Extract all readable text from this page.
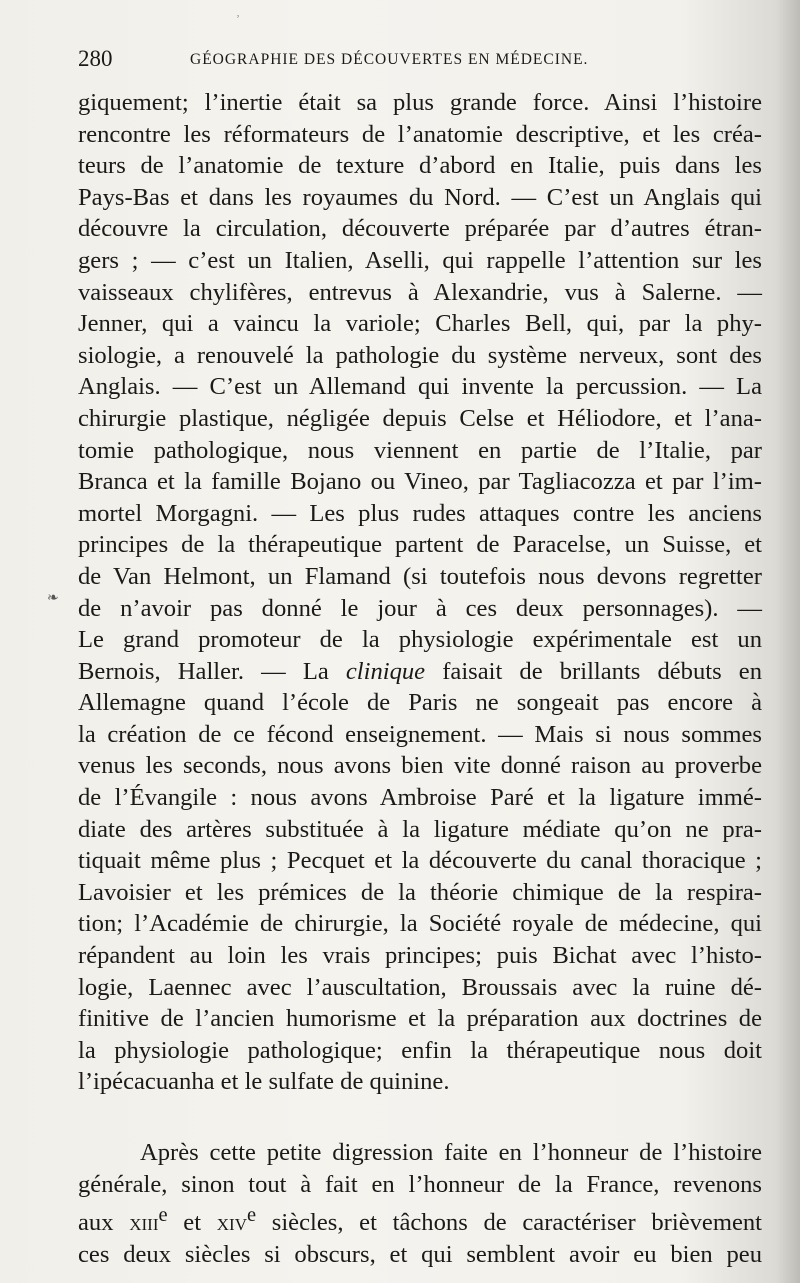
ʼ
280	GÉOGRAPHIE DES DÉCOUVERTES EN MÉDECINE.
❧

giquement; l’inertie était sa plus grande force. Ainsi l’histoire
rencontre les réformateurs de l’anatomie descriptive, et les créa-
teurs de l’anatomie de texture d’abord en Italie, puis dans les
Pays-Bas et dans les royaumes du Nord. — C’est un Anglais qui
découvre la circulation, découverte préparée par d’autres étran-
gers ; — c’est un Italien, Aselli, qui rappelle l’attention sur les
vaisseaux chylifères, entrevus à Alexandrie, vus à Salerne. —
Jenner, qui a vaincu la variole; Charles Bell, qui, par la phy-
siologie, a renouvelé la pathologie du système nerveux, sont des
Anglais. — C’est un Allemand qui invente la percussion. — La
chirurgie plastique, négligée depuis Celse et Héliodore, et l’ana-
tomie pathologique, nous viennent en partie de l’Italie, par
Branca et la famille Bojano ou Vineo, par Tagliacozza et par l’im-
mortel Morgagni. — Les plus rudes attaques contre les anciens
principes de la thérapeutique partent de Paracelse, un Suisse, et
de Van Helmont, un Flamand (si toutefois nous devons regretter
de n’avoir pas donné le jour à ces deux personnages). —
Le grand promoteur de la physiologie expérimentale est un
Bernois, Haller. — La clinique faisait de brillants débuts en
Allemagne quand l’école de Paris ne songeait pas encore à
la création de ce fécond enseignement. — Mais si nous sommes
venus les seconds, nous avons bien vite donné raison au proverbe
de l’Évangile : nous avons Ambroise Paré et la ligature immé-
diate des artères substituée à la ligature médiate qu’on ne pra-
tiquait même plus ; Pecquet et la découverte du canal thoracique ;
Lavoisier et les prémices de la théorie chimique de la respira-
tion; l’Académie de chirurgie, la Société royale de médecine, qui
répandent au loin les vrais principes; puis Bichat avec l’histo-
logie, Laennec avec l’auscultation, Broussais avec la ruine dé-
finitive de l’ancien humorisme et la préparation aux doctrines de
la physiologie pathologique; enfin la thérapeutique nous doit
l’ipécacuanha et le sulfate de quinine.

Après cette petite digression faite en l’honneur de l’histoire
générale, sinon tout à fait en l’honneur de la France, revenons
aux xiii$^e$ et xiv$^e$ siècles, et tâchons de caractériser brièvement
ces deux siècles si obscurs, et qui semblent avoir eu bien peu
